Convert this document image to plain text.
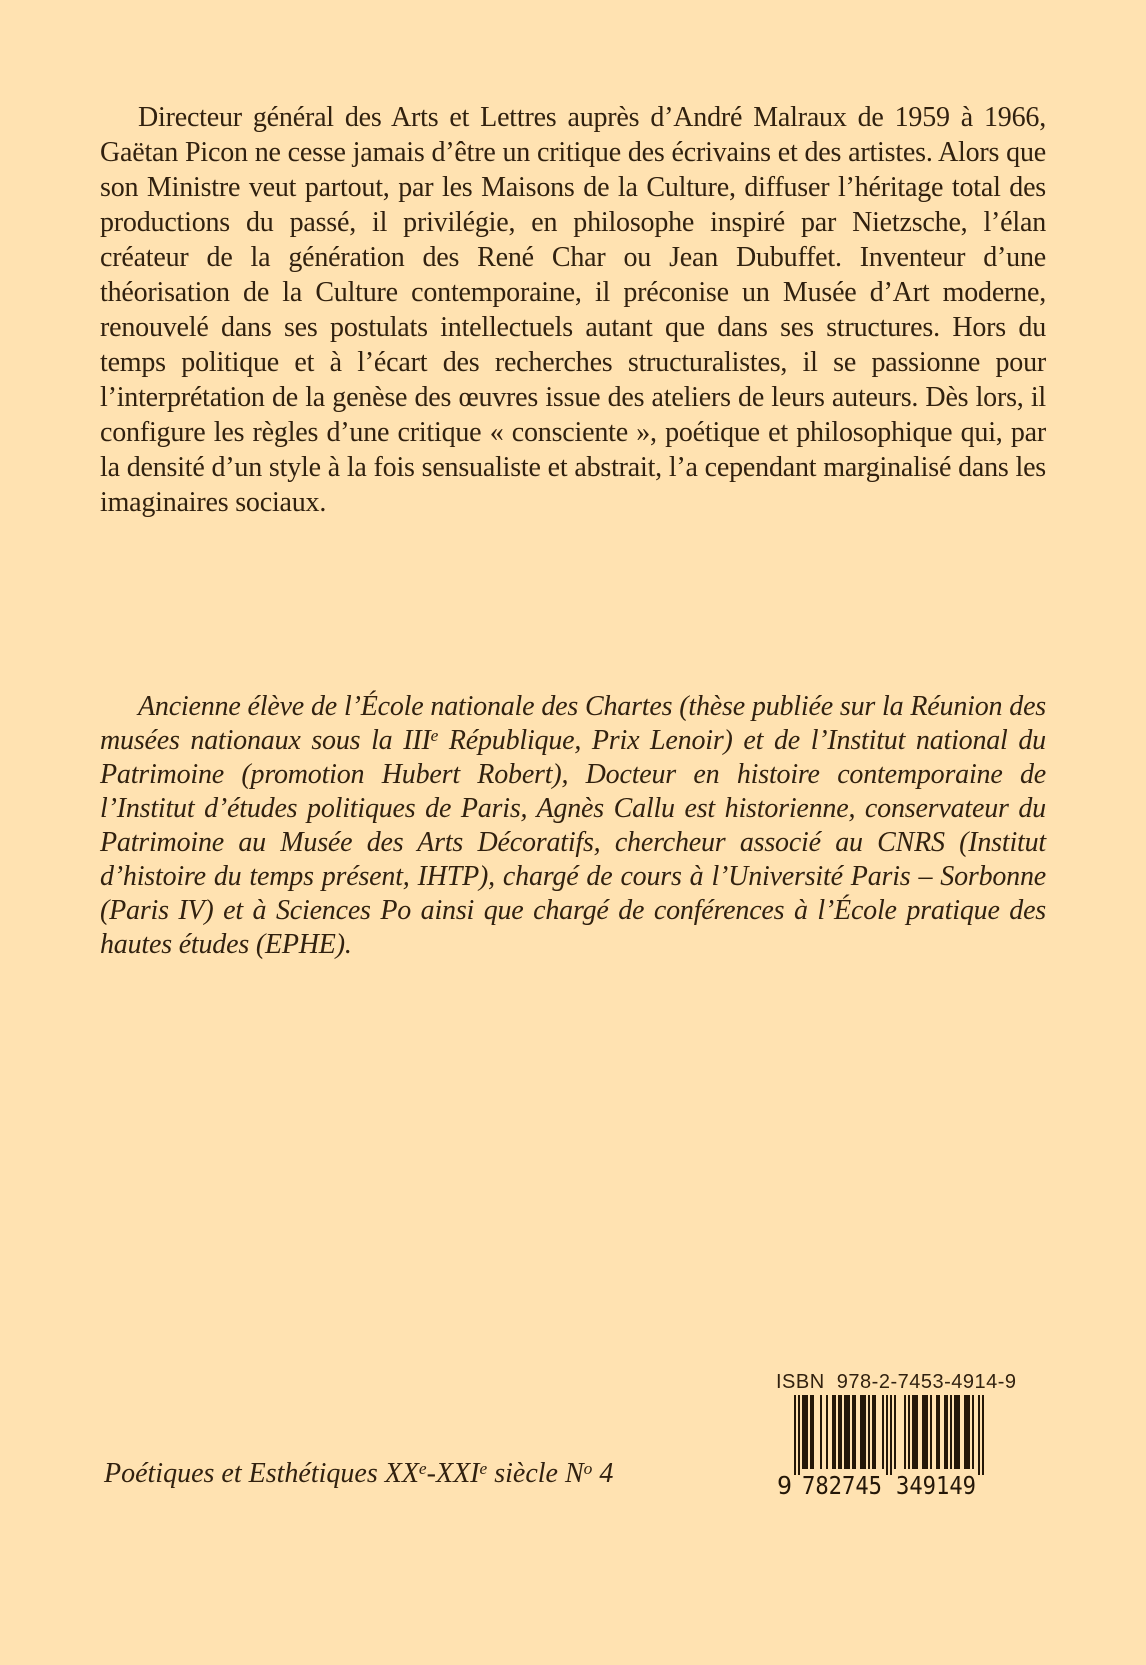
Directeur général des Arts et Lettres auprès d’André Malraux de 1959 à 1966, Gaëtan Picon ne cesse jamais d’être un critique des écrivains et des artistes. Alors que son Ministre veut partout, par les Maisons de la Culture, diffuser l’héritage total des productions du passé, il privilégie, en philosophe inspiré par Nietzsche, l’élan créateur de la génération des René Char ou Jean Dubuffet. Inventeur d’une théorisation de la Culture contemporaine, il préconise un Musée d’Art moderne, renouvelé dans ses postulats intellectuels autant que dans ses structures. Hors du temps politique et à l’écart des recherches structuralistes, il se passionne pour l’interprétation de la genèse des œuvres issue des ateliers de leurs auteurs. Dès lors, il configure les règles d’une critique « consciente », poétique et philosophique qui, par la densité d’un style à la fois sensualiste et abstrait, l’a cependant marginalisé dans les imaginaires sociaux.

Ancienne élève de l’École nationale des Chartes (thèse publiée sur la Réunion des musées nationaux sous la IIIe République, Prix Lenoir) et de l’Institut national du Patrimoine (promotion Hubert Robert), Docteur en histoire contemporaine de l’Institut d’études politiques de Paris, Agnès Callu est historienne, conservateur du Patrimoine au Musée des Arts Décoratifs, chercheur associé au CNRS (Institut d’histoire du temps présent, IHTP), chargé de cours à l’Université Paris – Sorbonne (Paris IV) et à Sciences Po ainsi que chargé de conférences à l’École pratique des hautes études (EPHE).

Poétiques et Esthétiques XXe-XXIe siècle $N^o$ 4

ISBN  978-2-7453-4914-9

9 782745 349149
